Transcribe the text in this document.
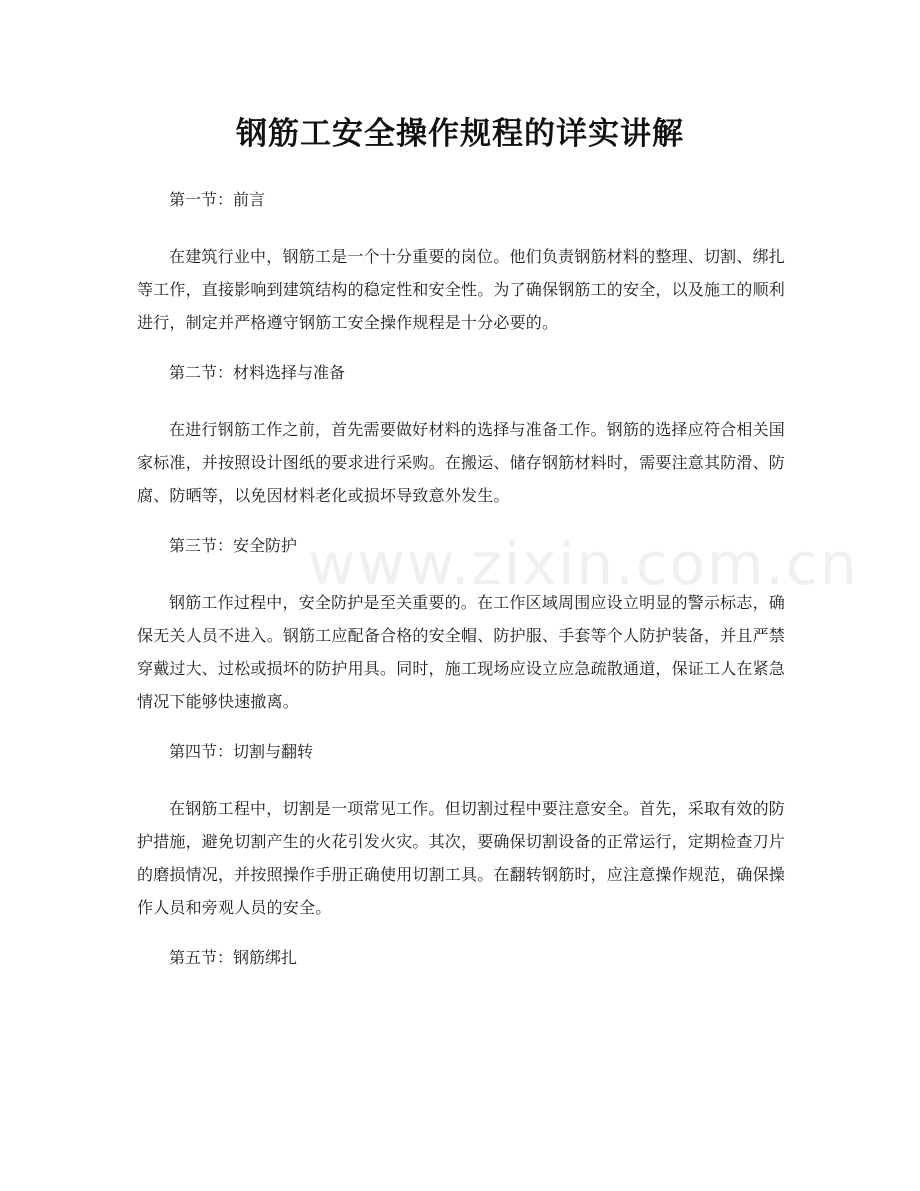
钢筋工安全操作规程的详实讲解

第一节：前言

在建筑行业中，钢筋工是一个十分重要的岗位。他们负责钢筋材料的整理、切割、绑扎等工作，直接影响到建筑结构的稳定性和安全性。为了确保钢筋工的安全，以及施工的顺利进行，制定并严格遵守钢筋工安全操作规程是十分必要的。

第二节：材料选择与准备

在进行钢筋工作之前，首先需要做好材料的选择与准备工作。钢筋的选择应符合相关国家标准，并按照设计图纸的要求进行采购。在搬运、储存钢筋材料时，需要注意其防滑、防腐、防晒等，以免因材料老化或损坏导致意外发生。

第三节：安全防护

钢筋工作过程中，安全防护是至关重要的。在工作区域周围应设立明显的警示标志，确保无关人员不进入。钢筋工应配备合格的安全帽、防护服、手套等个人防护装备，并且严禁穿戴过大、过松或损坏的防护用具。同时，施工现场应设立应急疏散通道，保证工人在紧急情况下能够快速撤离。

第四节：切割与翻转

在钢筋工程中，切割是一项常见工作。但切割过程中要注意安全。首先，采取有效的防护措施，避免切割产生的火花引发火灾。其次，要确保切割设备的正常运行，定期检查刀片的磨损情况，并按照操作手册正确使用切割工具。在翻转钢筋时，应注意操作规范，确保操作人员和旁观人员的安全。

第五节：钢筋绑扎

www.zixin.com.cn
